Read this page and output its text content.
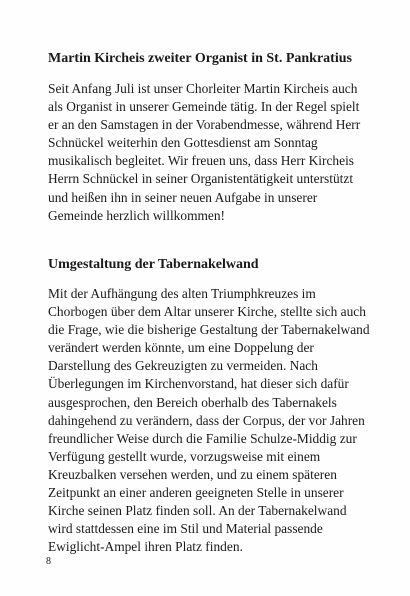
Martin Kircheis zweiter Organist in St. Pankratius

Seit Anfang Juli ist unser Chorleiter Martin Kircheis auch
als Organist in unserer Gemeinde tätig. In der Regel spielt
er an den Samstagen in der Vorabendmesse, während Herr
Schnückel weiterhin den Gottesdienst am Sonntag
musikalisch begleitet. Wir freuen uns, dass Herr Kircheis
Herrn Schnückel in seiner Organistentätigkeit unterstützt
und heißen ihn in seiner neuen Aufgabe in unserer
Gemeinde herzlich willkommen!

Umgestaltung der Tabernakelwand

Mit der Aufhängung des alten Triumphkreuzes im
Chorbogen über dem Altar unserer Kirche, stellte sich auch
die Frage, wie die bisherige Gestaltung der Tabernakelwand
verändert werden könnte, um eine Doppelung der
Darstellung des Gekreuzigten zu vermeiden. Nach
Überlegungen im Kirchenvorstand, hat dieser sich dafür
ausgesprochen, den Bereich oberhalb des Tabernakels
dahingehend zu verändern, dass der Corpus, der vor Jahren
freundlicher Weise durch die Familie Schulze-Middig zur
Verfügung gestellt wurde, vorzugsweise mit einem
Kreuzbalken versehen werden, und zu einem späteren
Zeitpunkt an einer anderen geeigneten Stelle in unserer
Kirche seinen Platz finden soll. An der Tabernakelwand
wird stattdessen eine im Stil und Material passende
Ewiglicht-Ampel ihren Platz finden.

8
